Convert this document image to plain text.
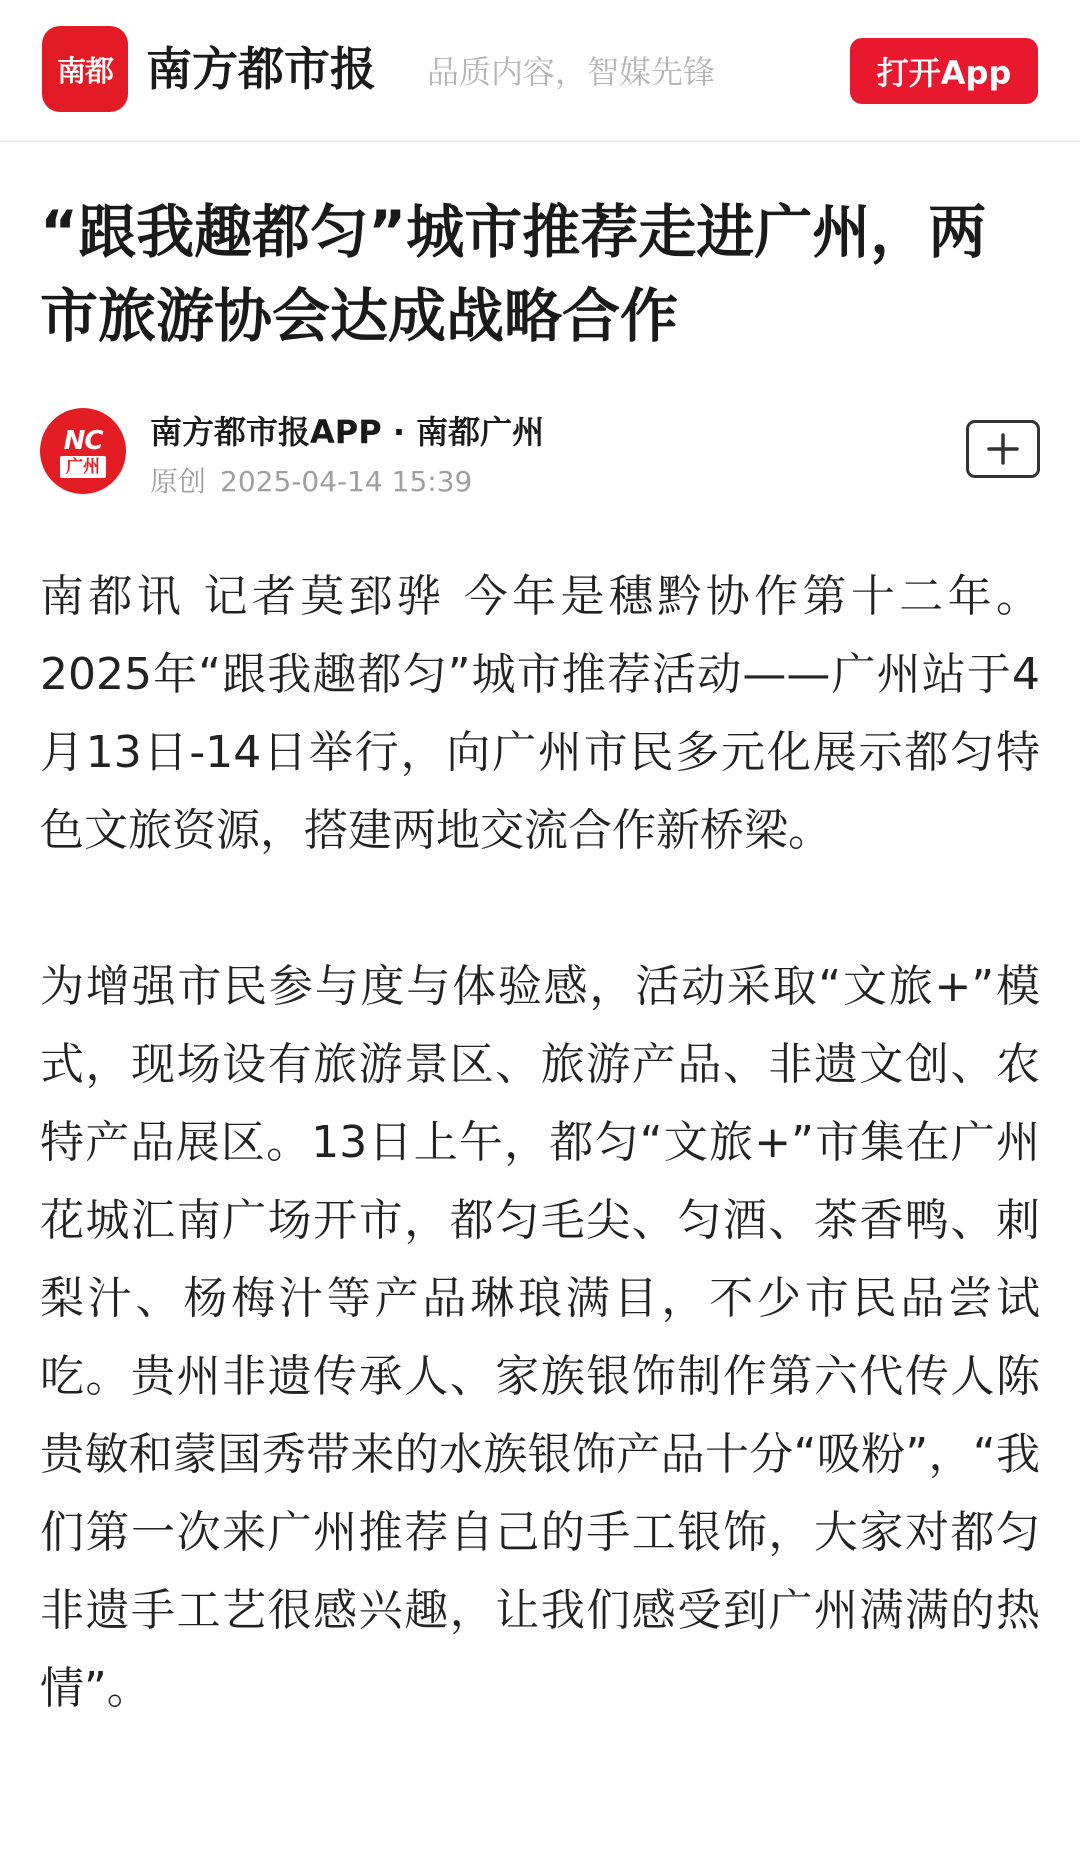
南都 南方都市报 品质内容，智媒先锋	打开App
“跟我趣都匀”城市推荐走进广州，两市旅游协会达成战略合作
NC
广州
南方都市报APP · 南都广州
原创 2025-04-14 15:39

南都讯 记者莫郅骅 今年是穗黔协作第十二年。2025年“跟我趣都匀”城市推荐活动——广州站于4月13日-14日举行，向广州市民多元化展示都匀特色文旅资源，搭建两地交流合作新桥梁。

为增强市民参与度与体验感，活动采取“文旅+”模式，现场设有旅游景区、旅游产品、非遗文创、农特产品展区。13日上午，都匀“文旅+”市集在广州花城汇南广场开市，都匀毛尖、匀酒、茶香鸭、刺梨汁、杨梅汁等产品琳琅满目，不少市民品尝试吃。贵州非遗传承人、家族银饰制作第六代传人陈贵敏和蒙国秀带来的水族银饰产品十分“吸粉”，“我们第一次来广州推荐自己的手工银饰，大家对都匀非遗手工艺很感兴趣，让我们感受到广州满满的热情”。
